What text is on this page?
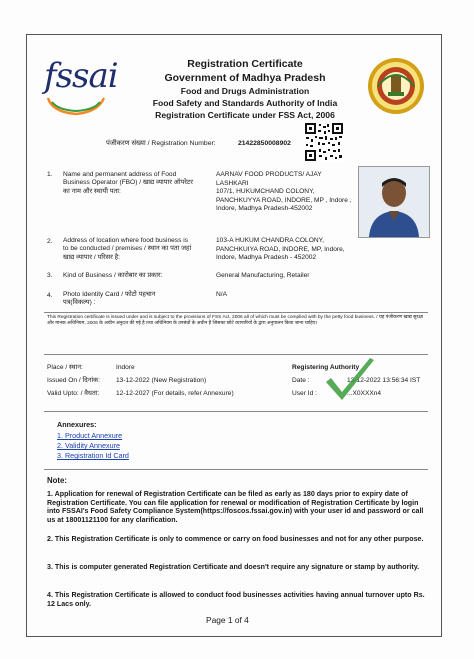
fssai	Registration Certificate
Government of Madhya Pradesh
Food and Drugs Administration
Food Safety and Standards Authority of India
Registration Certificate under FSS Act, 2006
पंजीकरण संख्या / Registration Number:	21422850008902
1. Name and permanent address of Food Business Operator (FBO) / खाद्य व्यापार ऑपरेटर का नाम और स्थायी पता:
AARNAV FOOD PRODUCTS/ AJAY LASHKARI
107/1, HUKUMCHAND COLONY, PANCHKUYYA ROAD, INDORE, MP , Indore , Indore, Madhya Pradesh-452002
2. Address of location where food business is to be conducted / premises / स्थान का पता जहां खाद्य व्यापार / परिसर है:
103-A HUKUM CHANDRA COLONY, PANCHKUIYA ROAD, INDORE, MP, Indore, Indore, Madhya Pradesh - 452002
3. Kind of Business / कारोबार का प्रकार:	General Manufacturing, Retailer
4. Photo Identity Card / फोटो पहचान पत्र(विकल्प) :
N/A
This Registration certificate is issued under and is subject to the provisions of FSS Act, 2006 all of which must be complied with by the petty food business. / यह पंजीकरण खाद्य सुरक्षा और मानक अधिनियम, 2006 के अधीन अनुदत्त की गई है तथा अधिनियम के उपबंधों के अधीन है जिसका छोटे व्यापारियों के द्वारा अनुपालन किया जाना चाहिए।
Place / स्थान:	Indore
Issued On / दिनांक: 13-12-2022 (New Registration)
Valid Upto: / वैधता:	12-12-2027 (For details, refer Annexure)
Registering Authority
Date :	13-12-2022 13:56:34 IST
User Id :	...X0XXXn4
Annexures:
1. Product Annexure
2. Validity Annexure
3. Registration Id Card
Note:
1. Application for renewal of Registration Certificate can be filed as early as 180 days prior to expiry date of Registration Certificate. You can file application for renewal or modification of Registration Certificate by login into FSSAI's Food Safety Compliance System(https://foscos.fssai.gov.in) with your user id and password or call us at 18001121100 for any clarification.
2. This Registration Certificate is only to commence or carry on food businesses and not for any other purpose.
3. This is computer generated Registration Certificate and doesn't require any signature or stamp by authority.
4. This Registration Certificate is allowed to conduct food businesses activities having annual turnover upto Rs. 12 Lacs only.
Page 1 of 4
